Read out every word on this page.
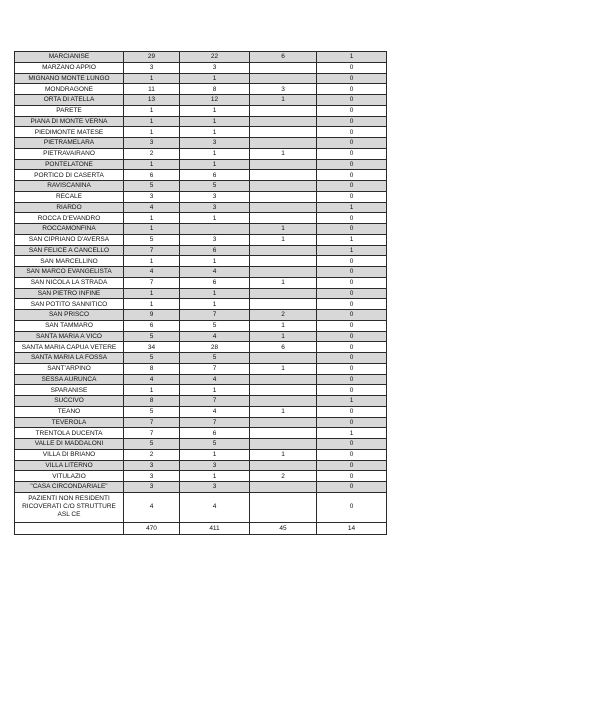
MARCIANISE	29	22	6	1
MARZANO APPIO	3	3		0
MIGNANO MONTE LUNGO	1	1		0
MONDRAGONE	11	8	3	0
ORTA DI ATELLA	13	12	1	0
PARETE	1	1		0
PIANA DI MONTE VERNA	1	1		0
PIEDIMONTE MATESE	1	1		0
PIETRAMELARA	3	3		0
PIETRAVAIRANO	2	1	1	0
PONTELATONE	1	1		0
PORTICO DI CASERTA	6	6		0
RAVISCANINA	5	5		0
RECALE	3	3		0
RIARDO	4	3		1
ROCCA D'EVANDRO	1	1		0
ROCCAMONFINA	1		1	0
SAN CIPRIANO D'AVERSA	5	3	1	1
SAN FELICE A CANCELLO	7	6		1
SAN MARCELLINO	1	1		0
SAN MARCO EVANGELISTA	4	4		0
SAN NICOLA LA STRADA	7	6	1	0
SAN PIETRO INFINE	1	1		0
SAN POTITO SANNITICO	1	1		0
SAN PRISCO	9	7	2	0
SAN TAMMARO	6	5	1	0
SANTA MARIA A VICO	5	4	1	0
SANTA MARIA CAPUA VETERE	34	28	6	0
SANTA MARIA LA FOSSA	5	5		0
SANT'ARPINO	8	7	1	0
SESSA AURUNCA	4	4		0
SPARANISE	1	1		0
SUCCIVO	8	7		1
TEANO	5	4	1	0
TEVEROLA	7	7		0
TRENTOLA DUCENTA	7	6		1
VALLE DI MADDALONI	5	5		0
VILLA DI BRIANO	2	1	1	0
VILLA LITERNO	3	3		0
VITULAZIO	3	1	2	0
"CASA CIRCONDARIALE"	3	3		0
PAZIENTI NON RESIDENTI RICOVERATI C/O STRUTTURE ASL CE	4	4		0
	470	411	45	14
